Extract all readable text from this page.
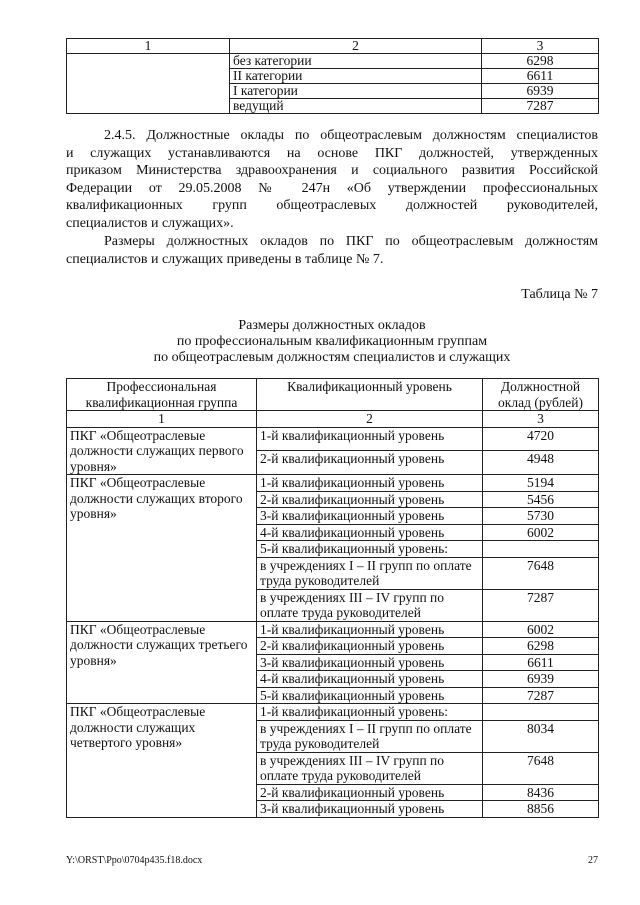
1	2	3
	без категории	6298
	II категории	6611
	I категории	6939
	ведущий	7287
2.4.5. Должностные оклады по общеотраслевым должностям специалистов
и служащих устанавливаются на основе ПКГ должностей, утвержденных
приказом Министерства здравоохранения и социального развития Российской
Федерации от 29.05.2008 № 247н «Об утверждении профессиональных
квалификационных групп общеотраслевых должностей руководителей,
специалистов и служащих».
Размеры должностных окладов по ПКГ по общеотраслевым должностям
специалистов и служащих приведены в таблице № 7.
Таблица № 7
Размеры должностных окладов
по профессиональным квалификационным группам
по общеотраслевым должностям специалистов и служащих
Профессиональная квалификационная группа	Квалификационный уровень	Должностной оклад (рублей)
1	2	3
ПКГ «Общеотраслевые должности служащих первого уровня»	1-й квалификационный уровень	4720
	2-й квалификационный уровень	4948
ПКГ «Общеотраслевые должности служащих второго уровня»	1-й квалификационный уровень	5194
	2-й квалификационный уровень	5456
	3-й квалификационный уровень	5730
	4-й квалификационный уровень	6002
	5-й квалификационный уровень:	
	в учреждениях I – II групп по оплате труда руководителей	7648
	в учреждениях III – IV групп по оплате труда руководителей	7287
ПКГ «Общеотраслевые должности служащих третьего уровня»	1-й квалификационный уровень	6002
	2-й квалификационный уровень	6298
	3-й квалификационный уровень	6611
	4-й квалификационный уровень	6939
	5-й квалификационный уровень	7287
ПКГ «Общеотраслевые должности служащих четвертого уровня»	1-й квалификационный уровень:	
	в учреждениях I – II групп по оплате труда руководителей	8034
	в учреждениях III – IV групп по оплате труда руководителей	7648
	2-й квалификационный уровень	8436
	3-й квалификационный уровень	8856
Y:\ORST\Ppo\0704p435.f18.docx	27
